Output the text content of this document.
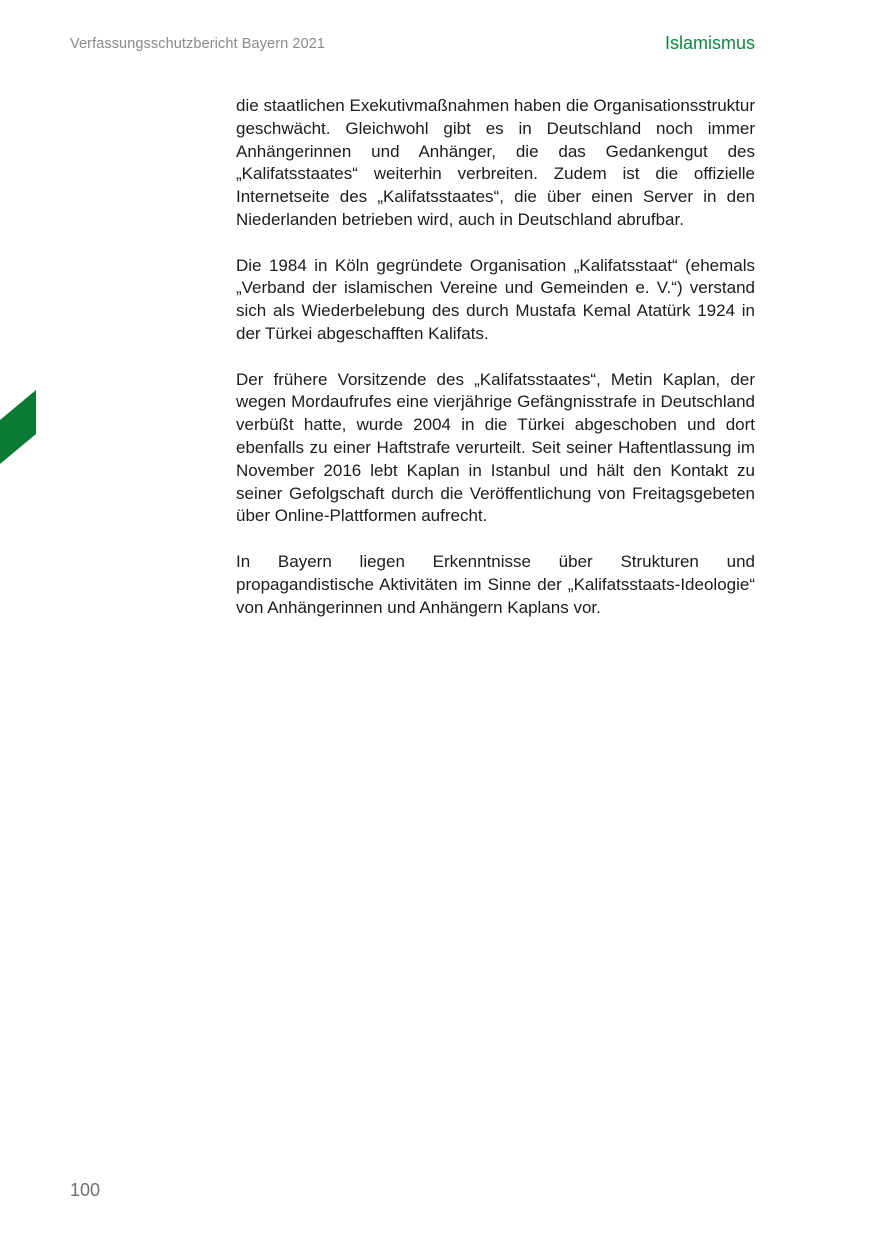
Verfassungsschutzbericht Bayern 2021	Islamismus

die staatlichen Exekutivmaßnahmen haben die Organisationsstruktur geschwächt. Gleichwohl gibt es in Deutschland noch immer Anhängerinnen und Anhänger, die das Gedankengut des „Kalifatsstaates“ weiterhin verbreiten. Zudem ist die offizielle Internetseite des „Kalifatsstaates“, die über einen Server in den Niederlanden betrieben wird, auch in Deutschland abrufbar.

Die 1984 in Köln gegründete Organisation „Kalifatsstaat“ (ehemals „Verband der islamischen Vereine und Gemeinden e. V.“) verstand sich als Wiederbelebung des durch Mustafa Kemal Atatürk 1924 in der Türkei abgeschafften Kalifats.

Der frühere Vorsitzende des „Kalifatsstaates“, Metin Kaplan, der wegen Mordaufrufes eine vierjährige Gefängnisstrafe in Deutschland verbüßt hatte, wurde 2004 in die Türkei abgeschoben und dort ebenfalls zu einer Haftstrafe verurteilt. Seit seiner Haftentlassung im November 2016 lebt Kaplan in Istanbul und hält den Kontakt zu seiner Gefolgschaft durch die Veröffentlichung von Freitagsgebeten über Online-Plattformen aufrecht.

In Bayern liegen Erkenntnisse über Strukturen und propagandistische Aktivitäten im Sinne der „Kalifatsstaats-Ideologie“ von Anhängerinnen und Anhängern Kaplans vor.

100
